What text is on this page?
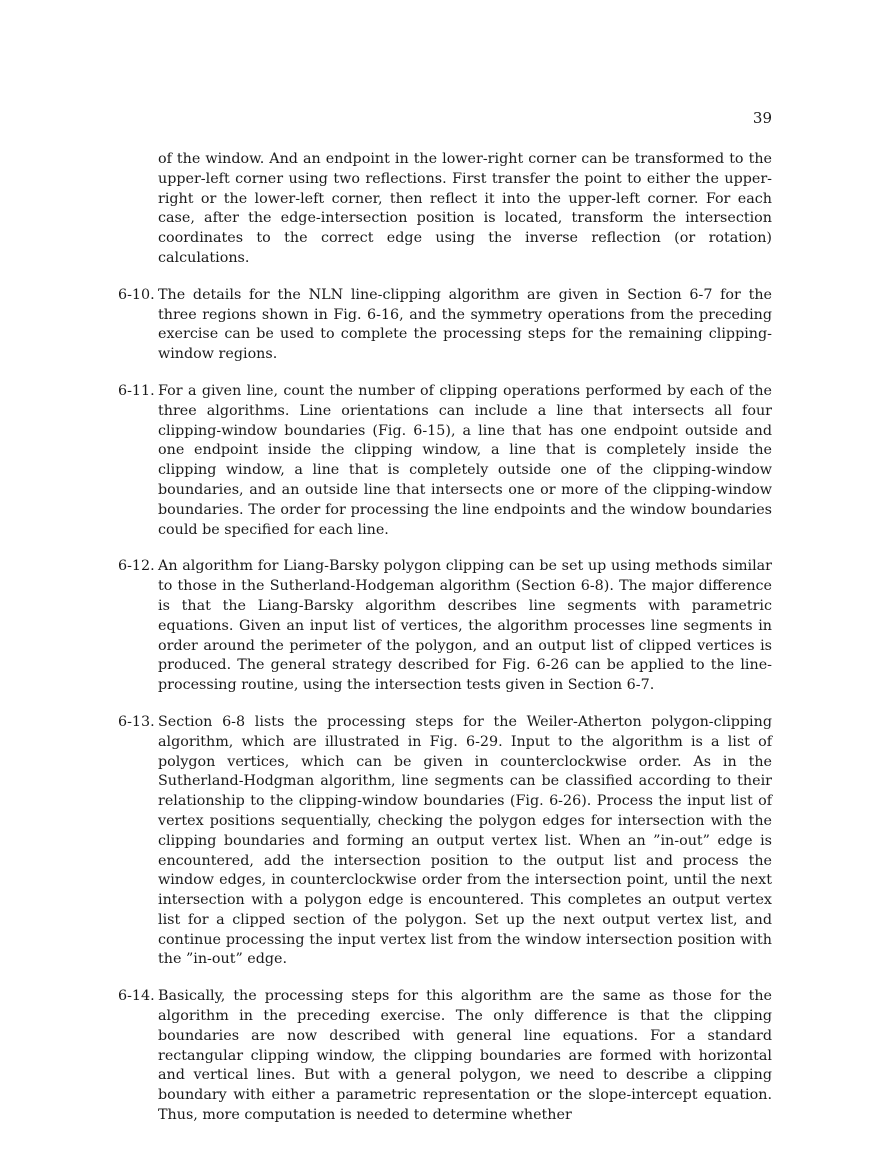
39

of the window. And an endpoint in the lower-right corner can be transformed to the upper-left corner using two reflections. First transfer the point to either the upper-right or the lower-left corner, then reflect it into the upper-left corner. For each case, after the edge-intersection position is located, transform the intersection coordinates to the correct edge using the inverse reflection (or rotation) calculations.

6-10. The details for the NLN line-clipping algorithm are given in Section 6-7 for the three regions shown in Fig. 6-16, and the symmetry operations from the preceding exercise can be used to complete the processing steps for the remaining clipping-window regions.
6-11. For a given line, count the number of clipping operations performed by each of the three algorithms. Line orientations can include a line that intersects all four clipping-window boundaries (Fig. 6-15), a line that has one endpoint outside and one endpoint inside the clipping window, a line that is completely inside the clipping window, a line that is completely outside one of the clipping-window boundaries, and an outside line that intersects one or more of the clipping-window boundaries. The order for processing the line endpoints and the window boundaries could be specified for each line.
6-12. An algorithm for Liang-Barsky polygon clipping can be set up using methods similar to those in the Sutherland-Hodgeman algorithm (Section 6-8). The major difference is that the Liang-Barsky algorithm describes line segments with parametric equations. Given an input list of vertices, the algorithm processes line segments in order around the perimeter of the polygon, and an output list of clipped vertices is produced. The general strategy described for Fig. 6-26 can be applied to the line-processing routine, using the intersection tests given in Section 6-7.
6-13. Section 6-8 lists the processing steps for the Weiler-Atherton polygon-clipping algorithm, which are illustrated in Fig. 6-29. Input to the algorithm is a list of polygon vertices, which can be given in counterclockwise order. As in the Sutherland-Hodgman algorithm, line segments can be classified according to their relationship to the clipping-window boundaries (Fig. 6-26). Process the input list of vertex positions sequentially, checking the polygon edges for intersection with the clipping boundaries and forming an output vertex list. When an ”in-out” edge is encountered, add the intersection position to the output list and process the window edges, in counterclockwise order from the intersection point, until the next intersection with a polygon edge is encountered. This completes an output vertex list for a clipped section of the polygon. Set up the next output vertex list, and continue processing the input vertex list from the window intersection position with the ”in-out” edge.
6-14. Basically, the processing steps for this algorithm are the same as those for the algorithm in the preceding exercise. The only difference is that the clipping boundaries are now described with general line equations. For a standard rectangular clipping window, the clipping boundaries are formed with horizontal and vertical lines. But with a general polygon, we need to describe a clipping boundary with either a parametric representation or the slope-intercept equation. Thus, more computation is needed to determine whether
